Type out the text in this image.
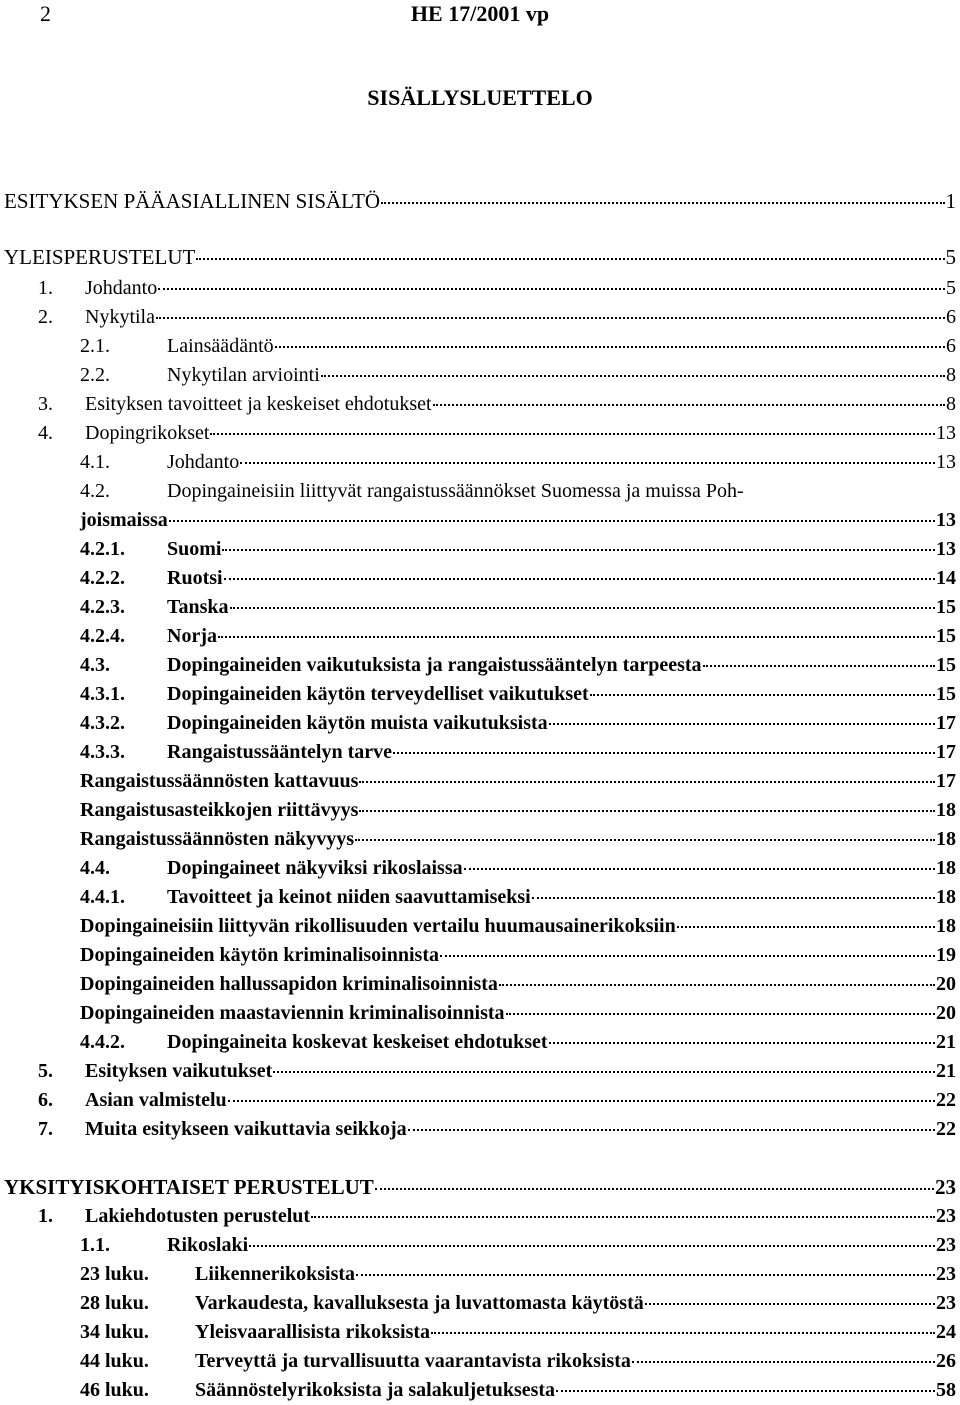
2	HE 17/2001 vp
SISÄLLYSLUETTELO
ESITYKSEN PÄÄASIALLINEN SISÄLTÖ	1
YLEISPERUSTELUT	5
1.	Johdanto	5
2.	Nykytila	6
2.1.	Lainsäädäntö	6
2.2.	Nykytilan arviointi	8
3.	Esityksen tavoitteet ja keskeiset ehdotukset	8
4.	Dopingrikokset	13
4.1.	Johdanto	13
4.2.	Dopingaineisiin liittyvät rangaistussäännökset Suomessa ja muissa Poh-
joismaissa	13
4.2.1.	Suomi	13
4.2.2.	Ruotsi	14
4.2.3.	Tanska	15
4.2.4.	Norja	15
4.3.	Dopingaineiden vaikutuksista ja rangaistussääntelyn tarpeesta	15
4.3.1.	Dopingaineiden käytön terveydelliset vaikutukset	15
4.3.2.	Dopingaineiden käytön muista vaikutuksista	17
4.3.3.	Rangaistussääntelyn tarve	17
Rangaistussäännösten kattavuus	17
Rangaistusasteikkojen riittävyys	18
Rangaistussäännösten näkyvyys	18
4.4.	Dopingaineet näkyviksi rikoslaissa	18
4.4.1.	Tavoitteet ja keinot niiden saavuttamiseksi	18
Dopingaineisiin liittyvän rikollisuuden vertailu huumausainerikoksiin	18
Dopingaineiden käytön kriminalisoinnista	19
Dopingaineiden hallussapidon kriminalisoinnista	20
Dopingaineiden maastaviennin kriminalisoinnista	20
4.4.2.	Dopingaineita koskevat keskeiset ehdotukset	21
5.	Esityksen vaikutukset	21
6.	Asian valmistelu	22
7.	Muita esitykseen vaikuttavia seikkoja	22
YKSITYISKOHTAISET PERUSTELUT	23
1.	Lakiehdotusten perustelut	23
1.1.	Rikoslaki	23
23 luku.	Liikennerikoksista	23
28 luku.	Varkaudesta, kavalluksesta ja luvattomasta käytöstä	23
34 luku.	Yleisvaarallisista rikoksista	24
44 luku.	Terveyttä ja turvallisuutta vaarantavista rikoksista	26
46 luku.	Säännöstelyrikoksista ja salakuljetuksesta	58
